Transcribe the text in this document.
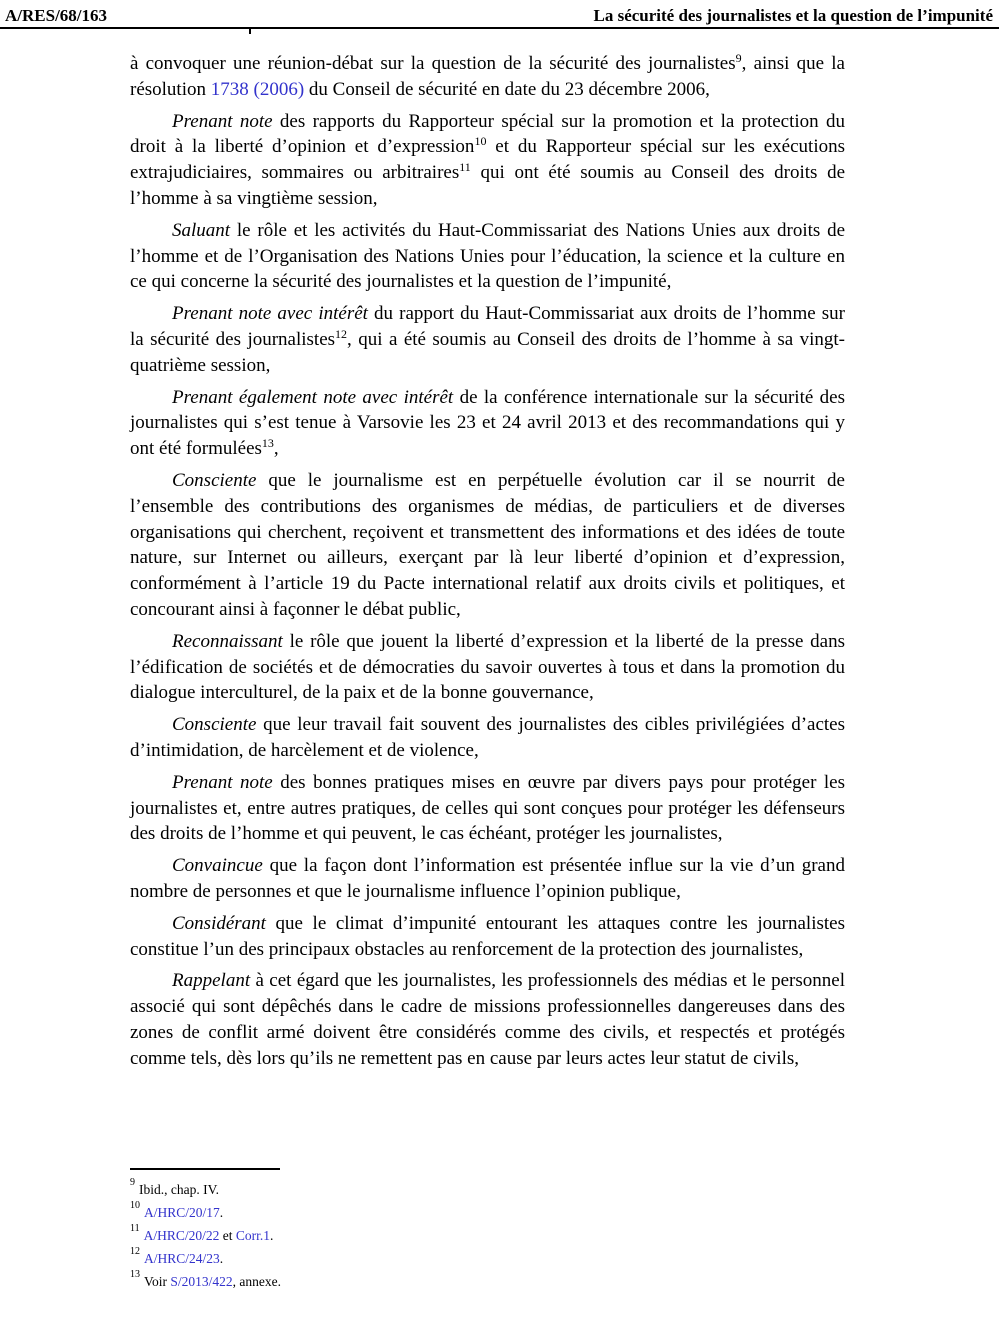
A/RES/68/163	La sécurité des journalistes et la question de l’impunité

à convoquer une réunion-débat sur la question de la sécurité des journalistes$^9$, ainsi que la résolution 1738 (2006) du Conseil de sécurité en date du 23 décembre 2006,

Prenant note des rapports du Rapporteur spécial sur la promotion et la protection du droit à la liberté d’opinion et d’expression$^{10}$ et du Rapporteur spécial sur les exécutions extrajudiciaires, sommaires ou arbitraires$^{11}$ qui ont été soumis au Conseil des droits de l’homme à sa vingtième session,

Saluant le rôle et les activités du Haut-Commissariat des Nations Unies aux droits de l’homme et de l’Organisation des Nations Unies pour l’éducation, la science et la culture en ce qui concerne la sécurité des journalistes et la question de l’impunité,

Prenant note avec intérêt du rapport du Haut-Commissariat aux droits de l’homme sur la sécurité des journalistes$^{12}$, qui a été soumis au Conseil des droits de l’homme à sa vingt-quatrième session,

Prenant également note avec intérêt de la conférence internationale sur la sécurité des journalistes qui s’est tenue à Varsovie les 23 et 24 avril 2013 et des recommandations qui y ont été formulées$^{13}$,

Consciente que le journalisme est en perpétuelle évolution car il se nourrit de l’ensemble des contributions des organismes de médias, de particuliers et de diverses organisations qui cherchent, reçoivent et transmettent des informations et des idées de toute nature, sur Internet ou ailleurs, exerçant par là leur liberté d’opinion et d’expression, conformément à l’article 19 du Pacte international relatif aux droits civils et politiques, et concourant ainsi à façonner le débat public,

Reconnaissant le rôle que jouent la liberté d’expression et la liberté de la presse dans l’édification de sociétés et de démocraties du savoir ouvertes à tous et dans la promotion du dialogue interculturel, de la paix et de la bonne gouvernance,

Consciente que leur travail fait souvent des journalistes des cibles privilégiées d’actes d’intimidation, de harcèlement et de violence,

Prenant note des bonnes pratiques mises en œuvre par divers pays pour protéger les journalistes et, entre autres pratiques, de celles qui sont conçues pour protéger les défenseurs des droits de l’homme et qui peuvent, le cas échéant, protéger les journalistes,

Convaincue que la façon dont l’information est présentée influe sur la vie d’un grand nombre de personnes et que le journalisme influence l’opinion publique,

Considérant que le climat d’impunité entourant les attaques contre les journalistes constitue l’un des principaux obstacles au renforcement de la protection des journalistes,

Rappelant à cet égard que les journalistes, les professionnels des médias et le personnel associé qui sont dépêchés dans le cadre de missions professionnelles dangereuses dans des zones de conflit armé doivent être considérés comme des civils, et respectés et protégés comme tels, dès lors qu’ils ne remettent pas en cause par leurs actes leur statut de civils,

$^9$ Ibid., chap. IV.
$^{10}$ A/HRC/20/17.
$^{11}$ A/HRC/20/22 et Corr.1.
$^{12}$ A/HRC/24/23.
$^{13}$ Voir S/2013/422, annexe.
